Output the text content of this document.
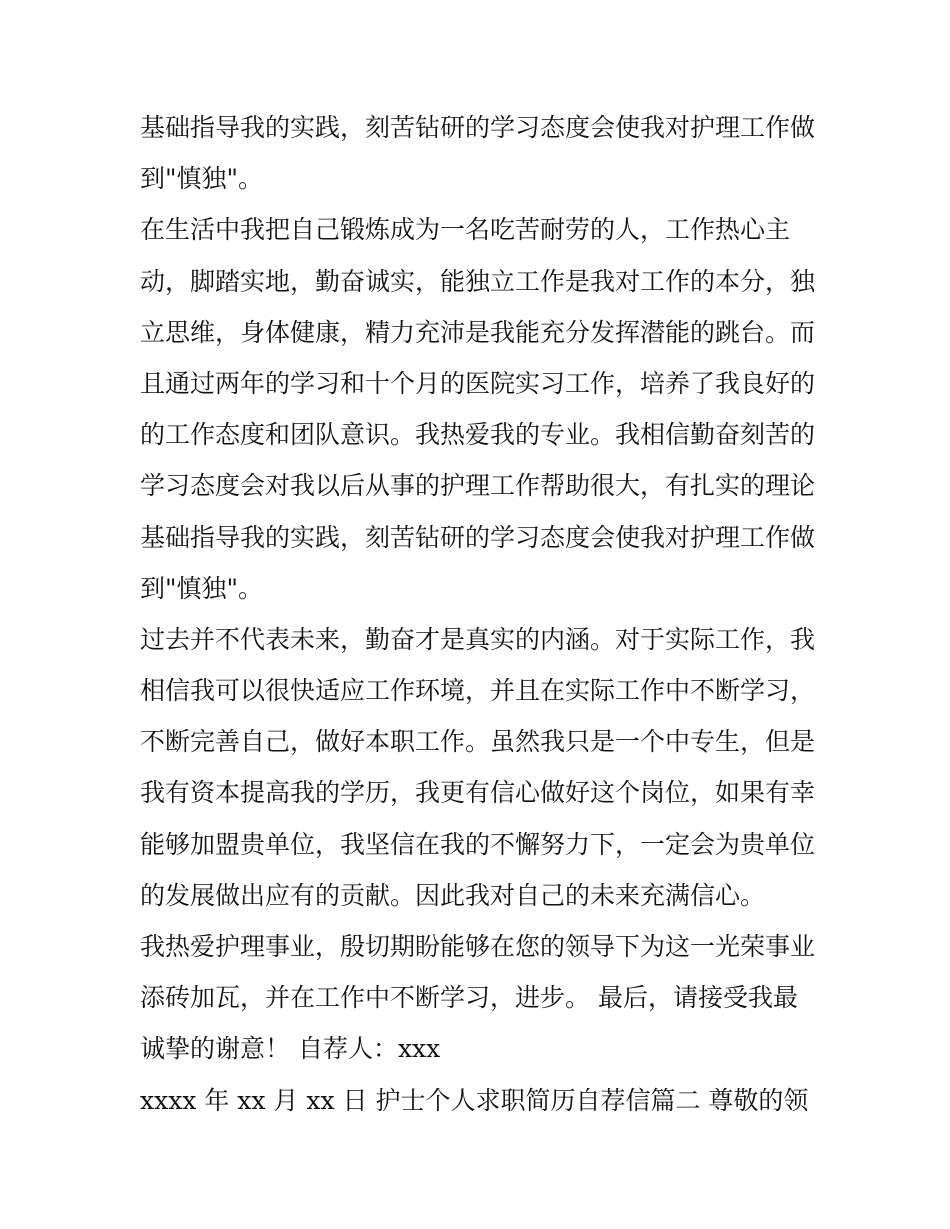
基础指导我的实践，刻苦钻研的学习态度会使我对护理工作做
到"慎独"。
在生活中我把自己锻炼成为一名吃苦耐劳的人，工作热心主
动，脚踏实地，勤奋诚实，能独立工作是我对工作的本分，独
立思维，身体健康，精力充沛是我能充分发挥潜能的跳台。而
且通过两年的学习和十个月的医院实习工作，培养了我良好的
的工作态度和团队意识。我热爱我的专业。我相信勤奋刻苦的
学习态度会对我以后从事的护理工作帮助很大，有扎实的理论
基础指导我的实践，刻苦钻研的学习态度会使我对护理工作做
到"慎独"。
过去并不代表未来，勤奋才是真实的内涵。对于实际工作，我
相信我可以很快适应工作环境，并且在实际工作中不断学习，
不断完善自己，做好本职工作。虽然我只是一个中专生，但是
我有资本提高我的学历，我更有信心做好这个岗位，如果有幸
能够加盟贵单位，我坚信在我的不懈努力下，一定会为贵单位
的发展做出应有的贡献。因此我对自己的未来充满信心。
我热爱护理事业，殷切期盼能够在您的领导下为这一光荣事业
添砖加瓦，并在工作中不断学习，进步。 最后，请接受我最
诚挚的谢意！ 自荐人：xxx
xxxx 年 xx 月 xx 日 护士个人求职简历自荐信篇二 尊敬的领
